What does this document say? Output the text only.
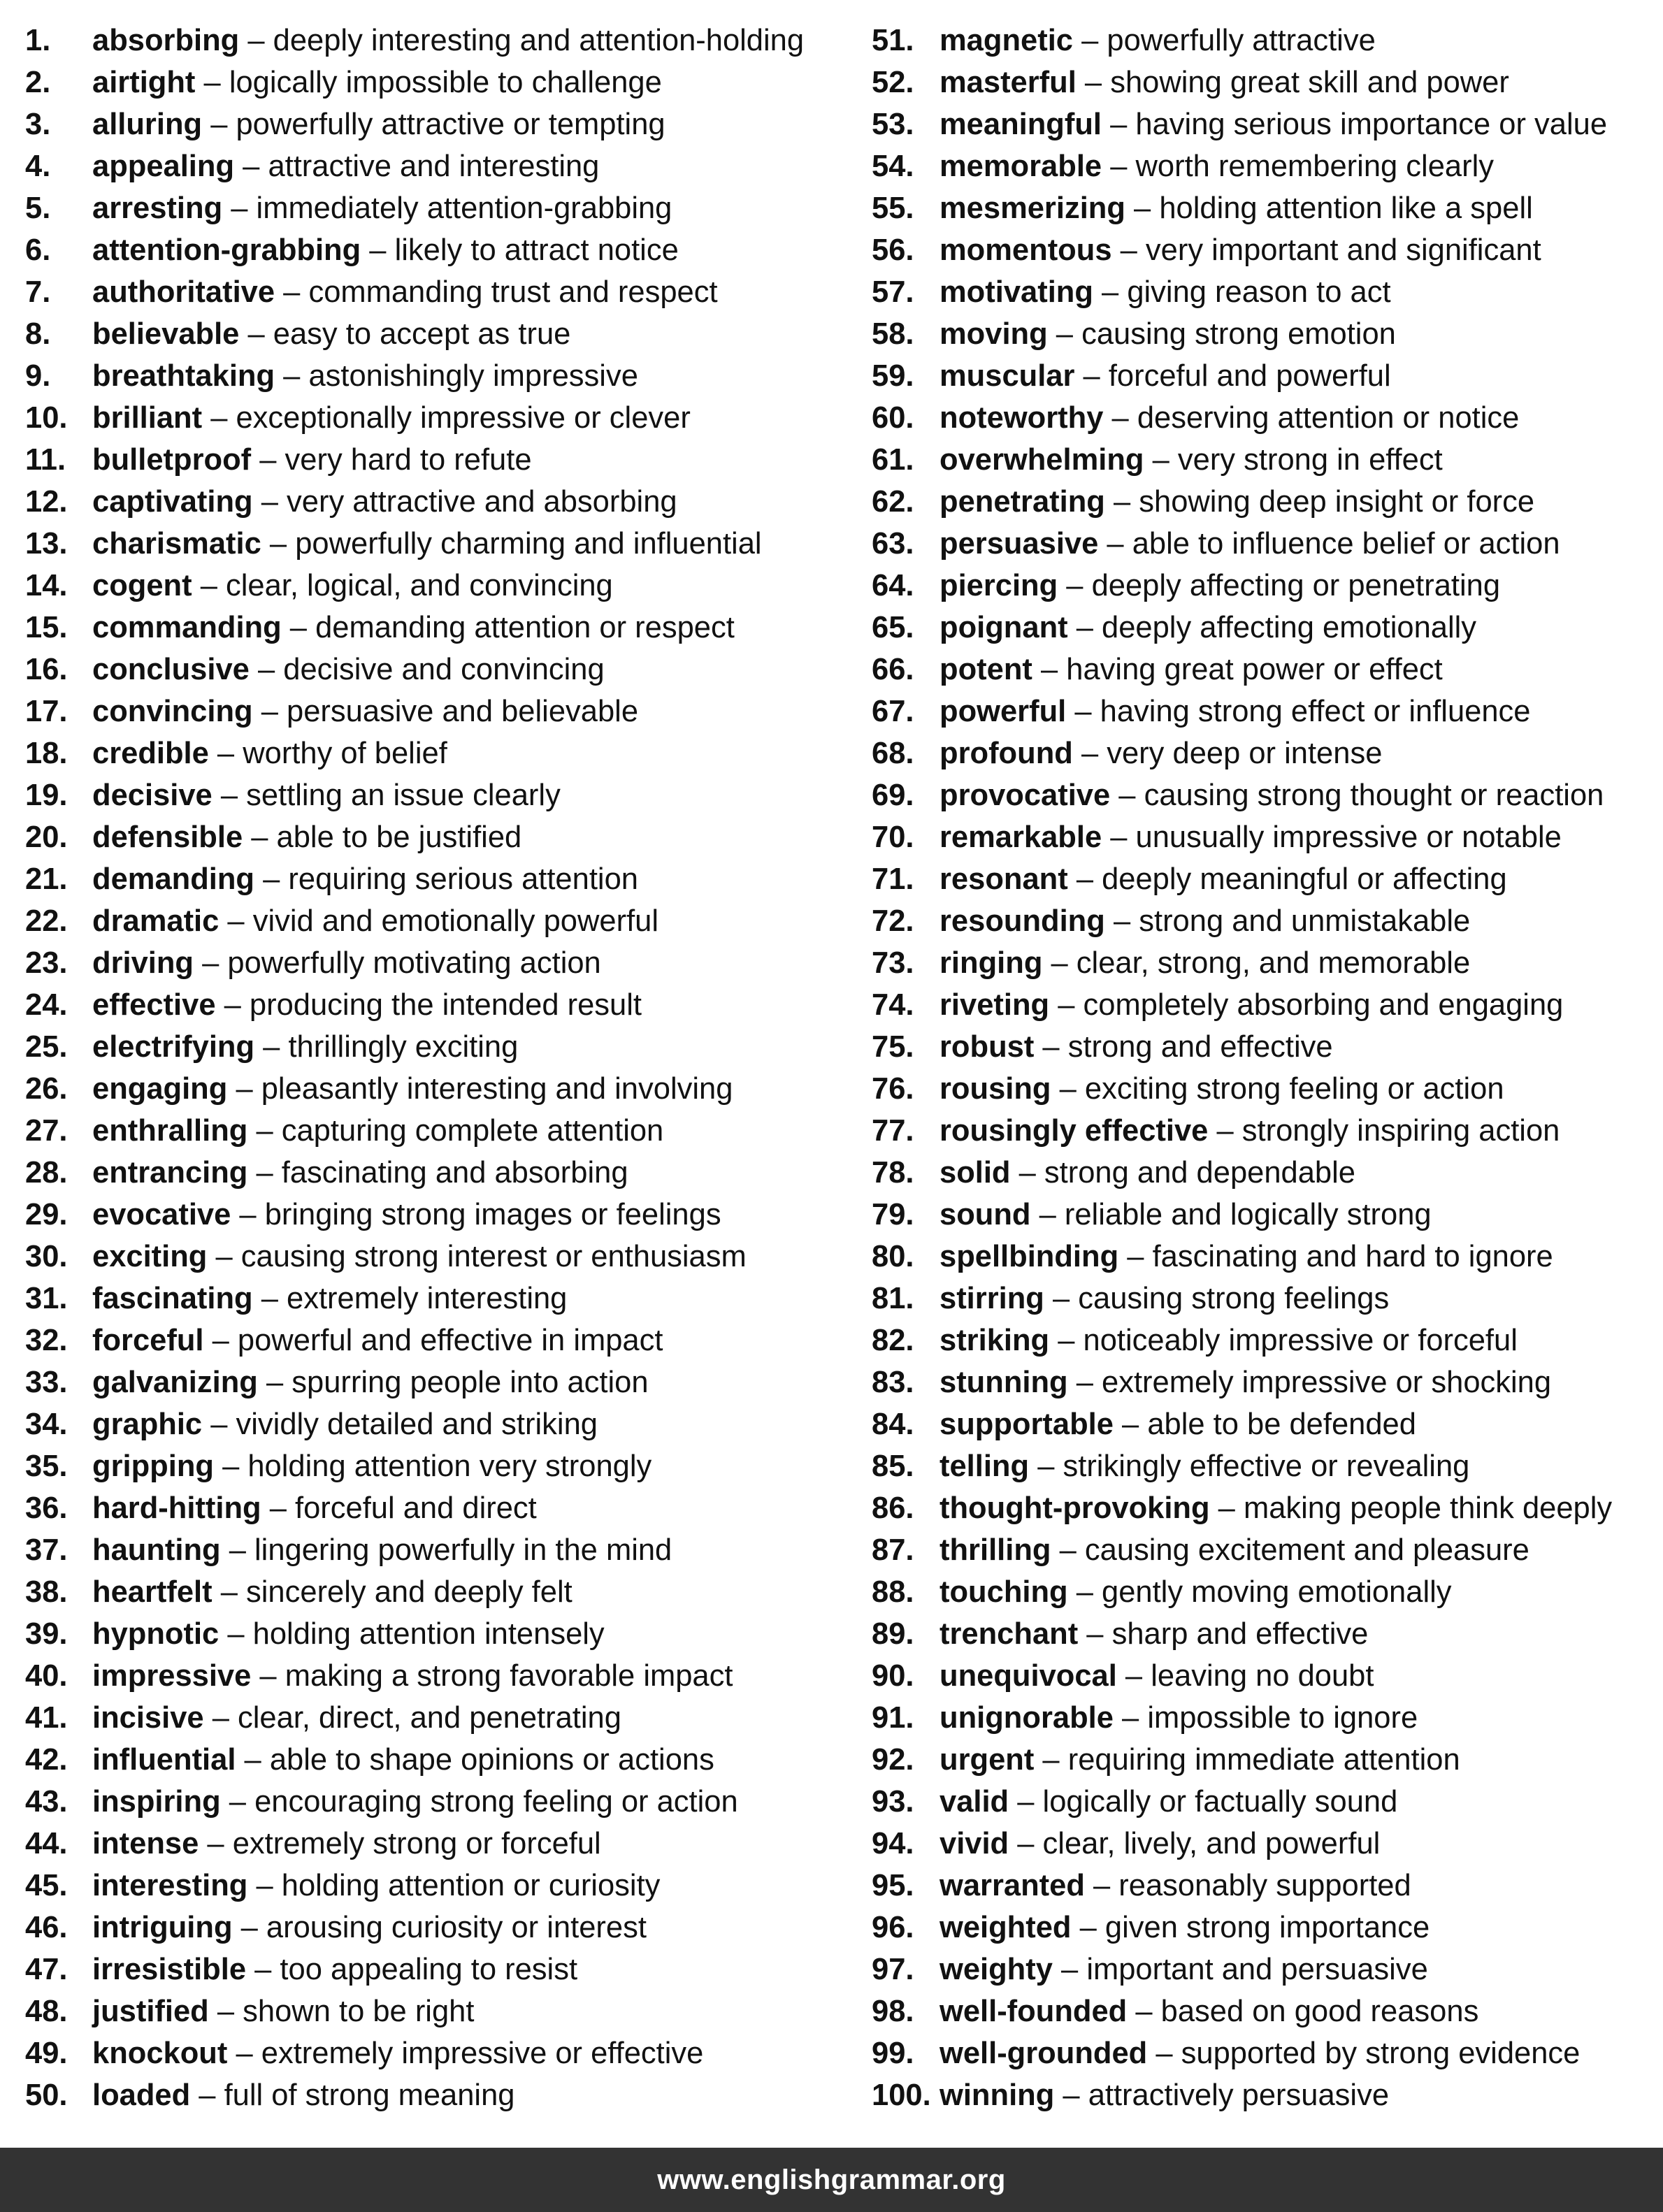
1. absorbing – deeply interesting and attention-holding
2. airtight – logically impossible to challenge
3. alluring – powerfully attractive or tempting
4. appealing – attractive and interesting
5. arresting – immediately attention-grabbing
6. attention-grabbing – likely to attract notice
7. authoritative – commanding trust and respect
8. believable – easy to accept as true
9. breathtaking – astonishingly impressive
10. brilliant – exceptionally impressive or clever
11. bulletproof – very hard to refute
12. captivating – very attractive and absorbing
13. charismatic – powerfully charming and influential
14. cogent – clear, logical, and convincing
15. commanding – demanding attention or respect
16. conclusive – decisive and convincing
17. convincing – persuasive and believable
18. credible – worthy of belief
19. decisive – settling an issue clearly
20. defensible – able to be justified
21. demanding – requiring serious attention
22. dramatic – vivid and emotionally powerful
23. driving – powerfully motivating action
24. effective – producing the intended result
25. electrifying – thrillingly exciting
26. engaging – pleasantly interesting and involving
27. enthralling – capturing complete attention
28. entrancing – fascinating and absorbing
29. evocative – bringing strong images or feelings
30. exciting – causing strong interest or enthusiasm
31. fascinating – extremely interesting
32. forceful – powerful and effective in impact
33. galvanizing – spurring people into action
34. graphic – vividly detailed and striking
35. gripping – holding attention very strongly
36. hard-hitting – forceful and direct
37. haunting – lingering powerfully in the mind
38. heartfelt – sincerely and deeply felt
39. hypnotic – holding attention intensely
40. impressive – making a strong favorable impact
41. incisive – clear, direct, and penetrating
42. influential – able to shape opinions or actions
43. inspiring – encouraging strong feeling or action
44. intense – extremely strong or forceful
45. interesting – holding attention or curiosity
46. intriguing – arousing curiosity or interest
47. irresistible – too appealing to resist
48. justified – shown to be right
49. knockout – extremely impressive or effective
50. loaded – full of strong meaning
51. magnetic – powerfully attractive
52. masterful – showing great skill and power
53. meaningful – having serious importance or value
54. memorable – worth remembering clearly
55. mesmerizing – holding attention like a spell
56. momentous – very important and significant
57. motivating – giving reason to act
58. moving – causing strong emotion
59. muscular – forceful and powerful
60. noteworthy – deserving attention or notice
61. overwhelming – very strong in effect
62. penetrating – showing deep insight or force
63. persuasive – able to influence belief or action
64. piercing – deeply affecting or penetrating
65. poignant – deeply affecting emotionally
66. potent – having great power or effect
67. powerful – having strong effect or influence
68. profound – very deep or intense
69. provocative – causing strong thought or reaction
70. remarkable – unusually impressive or notable
71. resonant – deeply meaningful or affecting
72. resounding – strong and unmistakable
73. ringing – clear, strong, and memorable
74. riveting – completely absorbing and engaging
75. robust – strong and effective
76. rousing – exciting strong feeling or action
77. rousingly effective – strongly inspiring action
78. solid – strong and dependable
79. sound – reliable and logically strong
80. spellbinding – fascinating and hard to ignore
81. stirring – causing strong feelings
82. striking – noticeably impressive or forceful
83. stunning – extremely impressive or shocking
84. supportable – able to be defended
85. telling – strikingly effective or revealing
86. thought-provoking – making people think deeply
87. thrilling – causing excitement and pleasure
88. touching – gently moving emotionally
89. trenchant – sharp and effective
90. unequivocal – leaving no doubt
91. unignorable – impossible to ignore
92. urgent – requiring immediate attention
93. valid – logically or factually sound
94. vivid – clear, lively, and powerful
95. warranted – reasonably supported
96. weighted – given strong importance
97. weighty – important and persuasive
98. well-founded – based on good reasons
99. well-grounded – supported by strong evidence
100. winning – attractively persuasive
www.englishgrammar.org
